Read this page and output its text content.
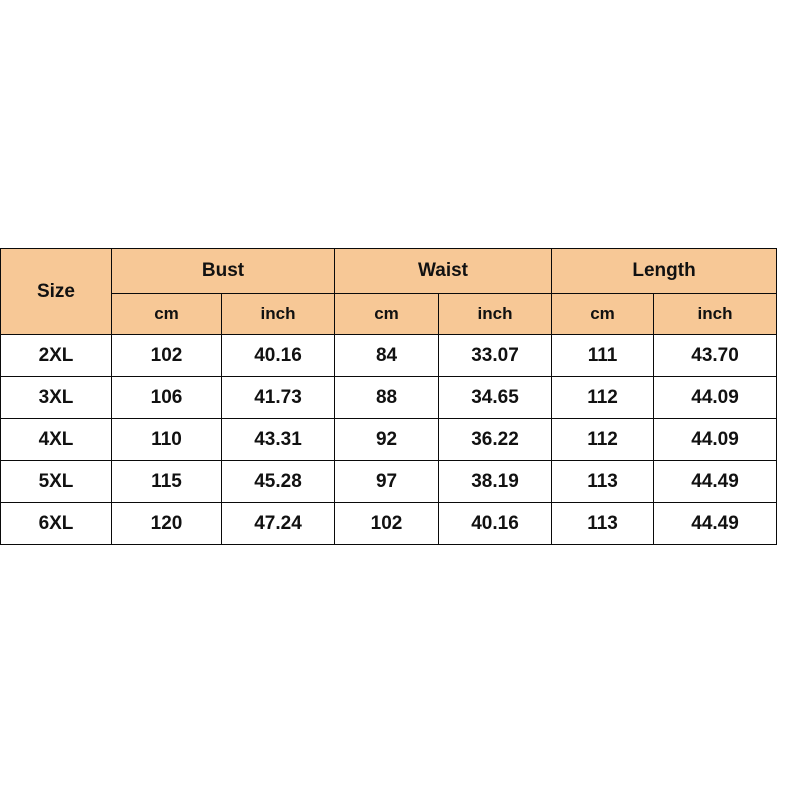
Size	Bust		Waist		Length	
	cm	inch	cm	inch	cm	inch
2XL	102	40.16	84	33.07	111	43.70
3XL	106	41.73	88	34.65	112	44.09
4XL	110	43.31	92	36.22	112	44.09
5XL	115	45.28	97	38.19	113	44.49
6XL	120	47.24	102	40.16	113	44.49
